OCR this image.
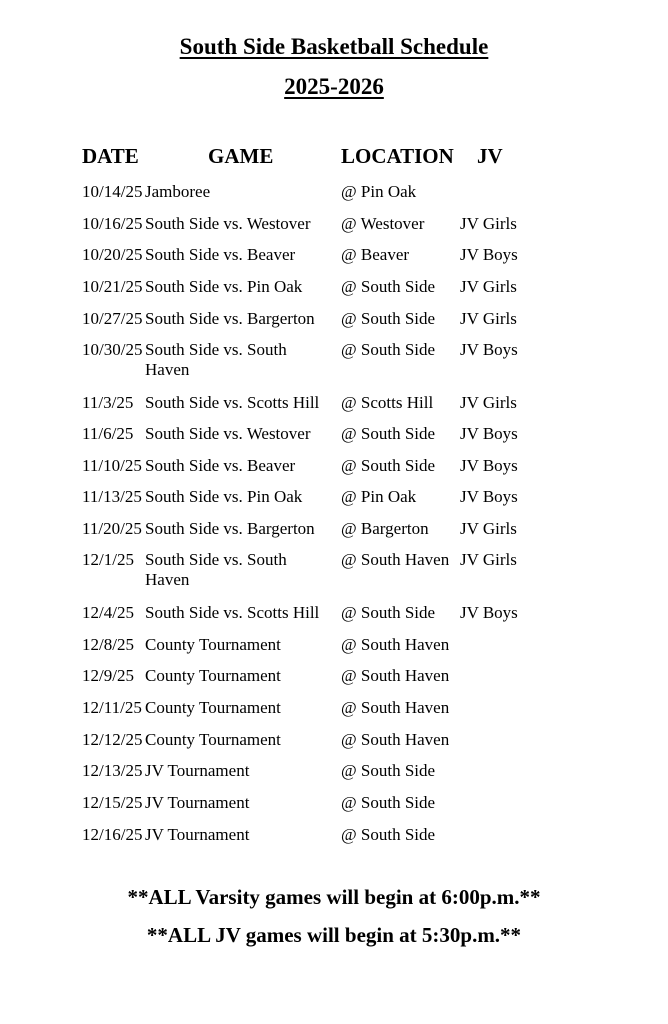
South Side Basketball Schedule
2025-2026
DATE	GAME	LOCATION JV
10/14/25 Jamboree	@ Pin Oak
10/16/25 South Side vs. Westover	@ Westover JV Girls
10/20/25 South Side vs. Beaver	@ Beaver	JV Boys
10/21/25 South Side vs. Pin Oak	@ South Side JV Girls
10/27/25 South Side vs. Bargerton	@ South Side JV Girls
10/30/25 South Side vs. South Haven
@ South Side JV Boys
11/3/25 South Side vs. Scotts Hill	@ Scotts Hill JV Girls
11/6/25 South Side vs. Westover	@ South Side JV Boys
11/10/25 South Side vs. Beaver	@ South Side JV Boys
11/13/25 South Side vs. Pin Oak	@ Pin Oak	JV Boys
11/20/25 South Side vs. Bargerton	@ Bargerton JV Girls
12/1/25 South Side vs. South Haven
@ South Haven JV Girls
12/4/25 South Side vs. Scotts Hill	@ South Side JV Boys
12/8/25 County Tournament	@ South Haven
12/9/25 County Tournament	@ South Haven
12/11/25 County Tournament	@ South Haven
12/12/25 County Tournament	@ South Haven
12/13/25 JV Tournament	@ South Side
12/15/25 JV Tournament	@ South Side
12/16/25 JV Tournament	@ South Side
**ALL Varsity games will begin at 6:00p.m.**
**ALL JV games will begin at 5:30p.m.**
